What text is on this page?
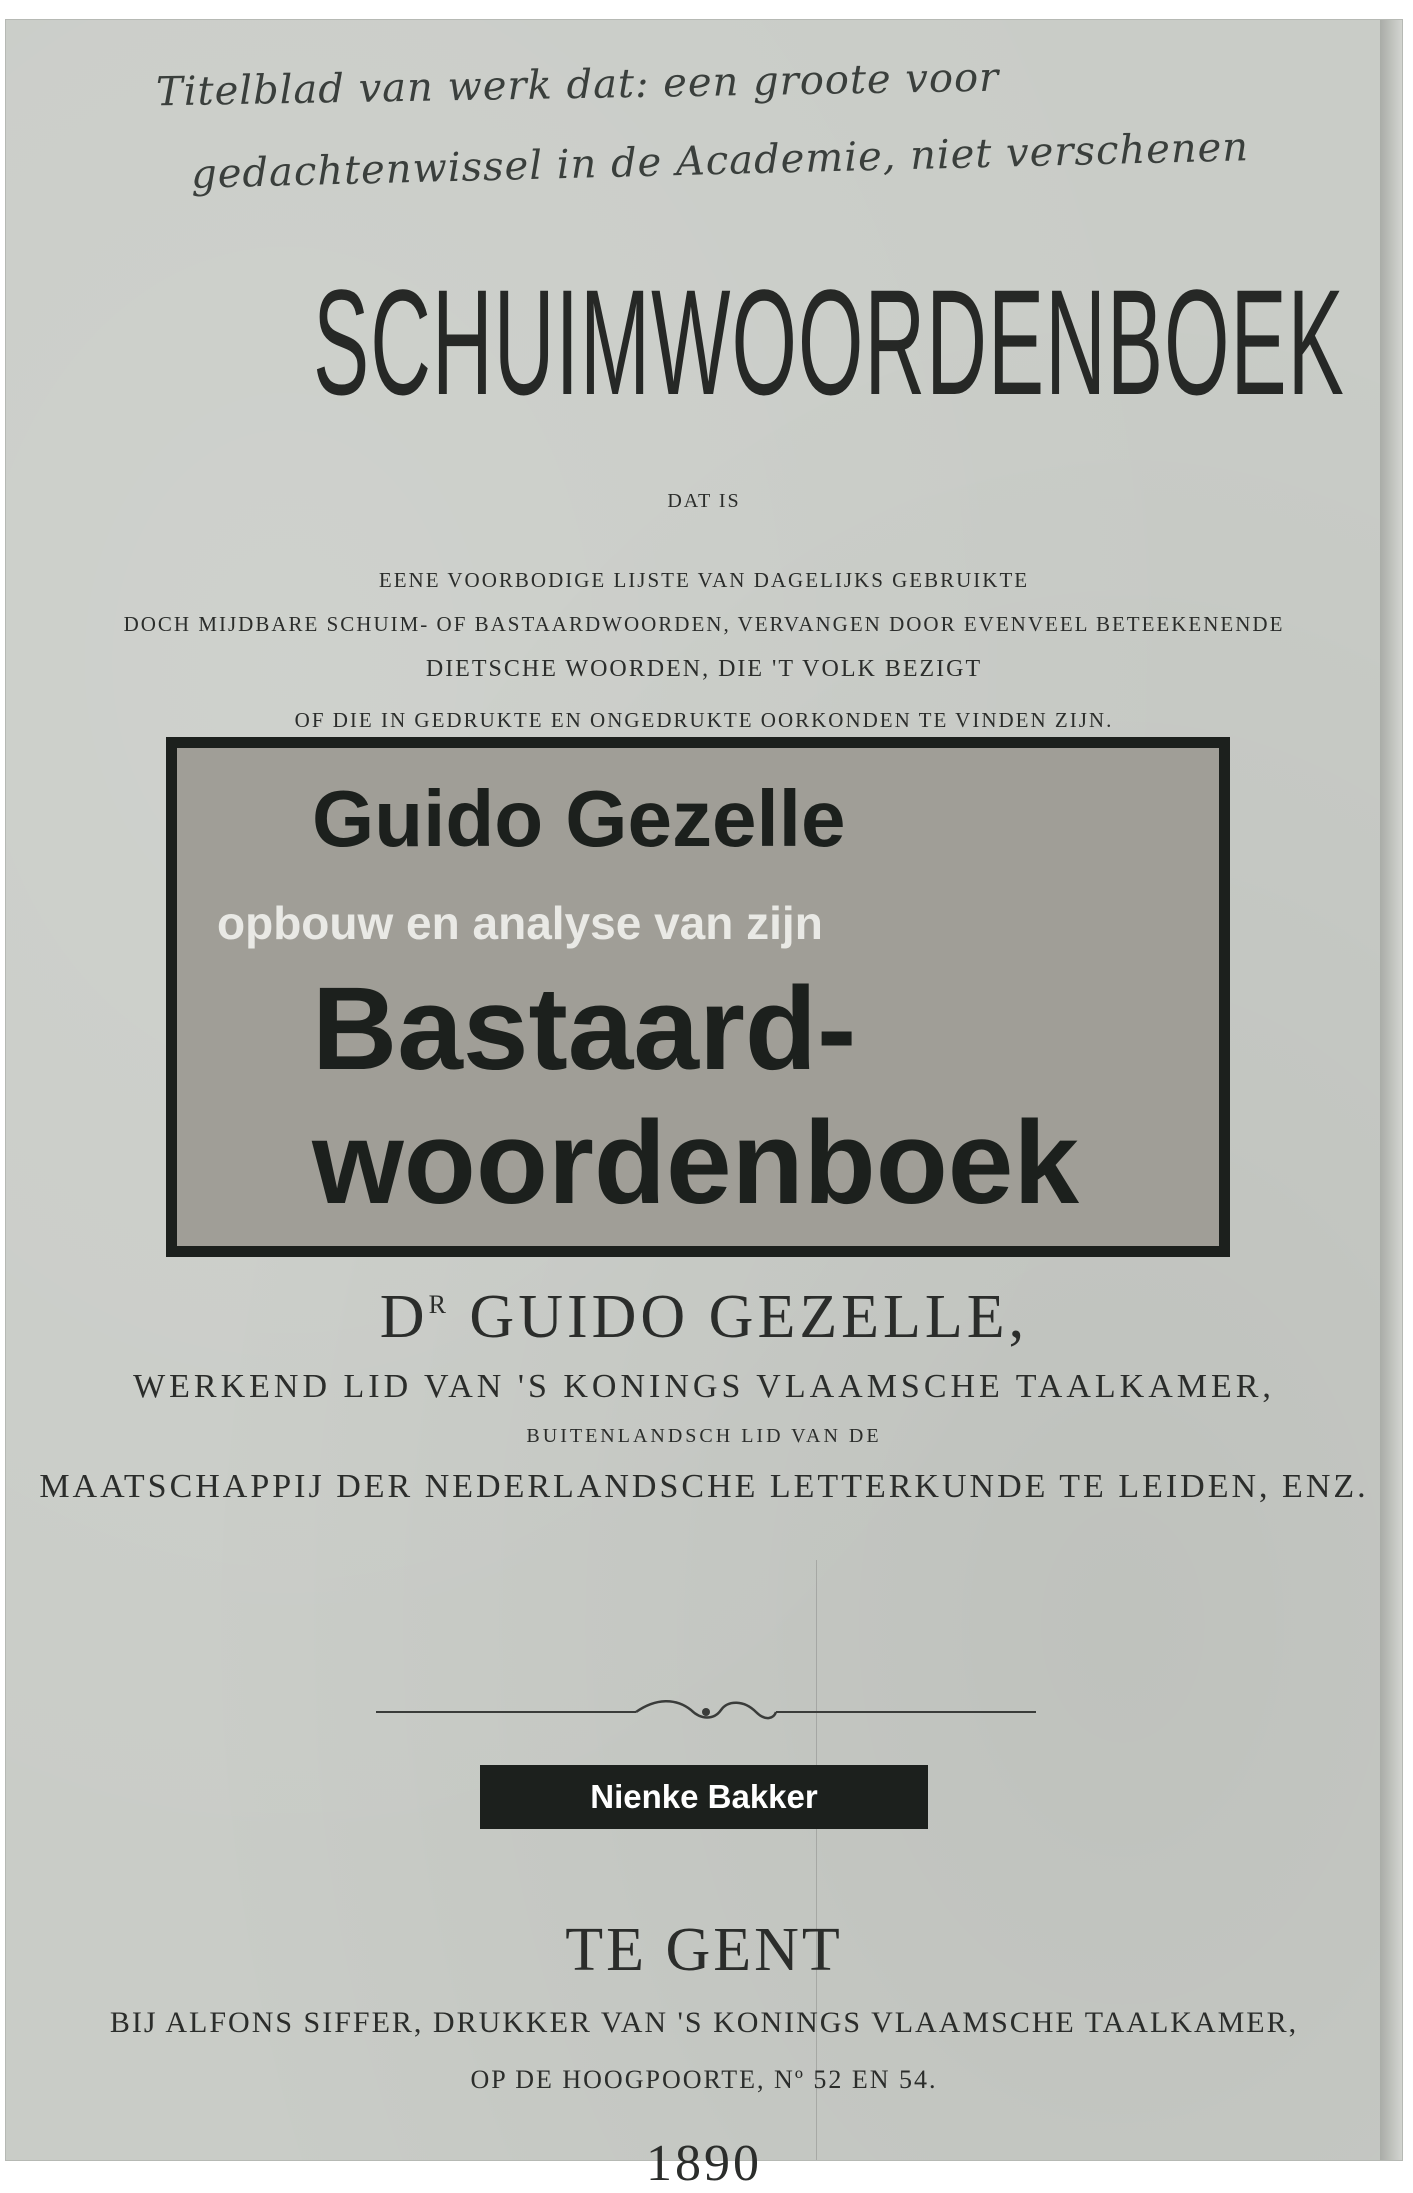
Titelblad van werk dat: een groote voor
gedachtenwissel in de Academie, niet verschenen
SCHUIMWOORDENBOEK
DAT IS
EENE VOORBODIGE LIJSTE VAN DAGELIJKS GEBRUIKTE
DOCH MIJDBARE SCHUIM- OF BASTAARDWOORDEN, VERVANGEN DOOR EVENVEEL BETEEKENENDE
DIETSCHE WOORDEN, DIE 'T VOLK BEZIGT
OF DIE IN GEDRUKTE EN ONGEDRUKTE OORKONDEN TE VINDEN ZIJN.
Guido Gezelle
opbouw en analyse van zijn
Bastaard-
woordenboek
$D^R$ GUIDO GEZELLE,
WERKEND LID VAN 'S KONINGS VLAAMSCHE TAALKAMER,
BUITENLANDSCH LID VAN DE
MAATSCHAPPIJ DER NEDERLANDSCHE LETTERKUNDE TE LEIDEN, ENZ.
Nienke Bakker
TE GENT
BIJ ALFONS SIFFER, DRUKKER VAN 'S KONINGS VLAAMSCHE TAALKAMER,
OP DE HOOGPOORTE, Nº 52 EN 54.
1890
